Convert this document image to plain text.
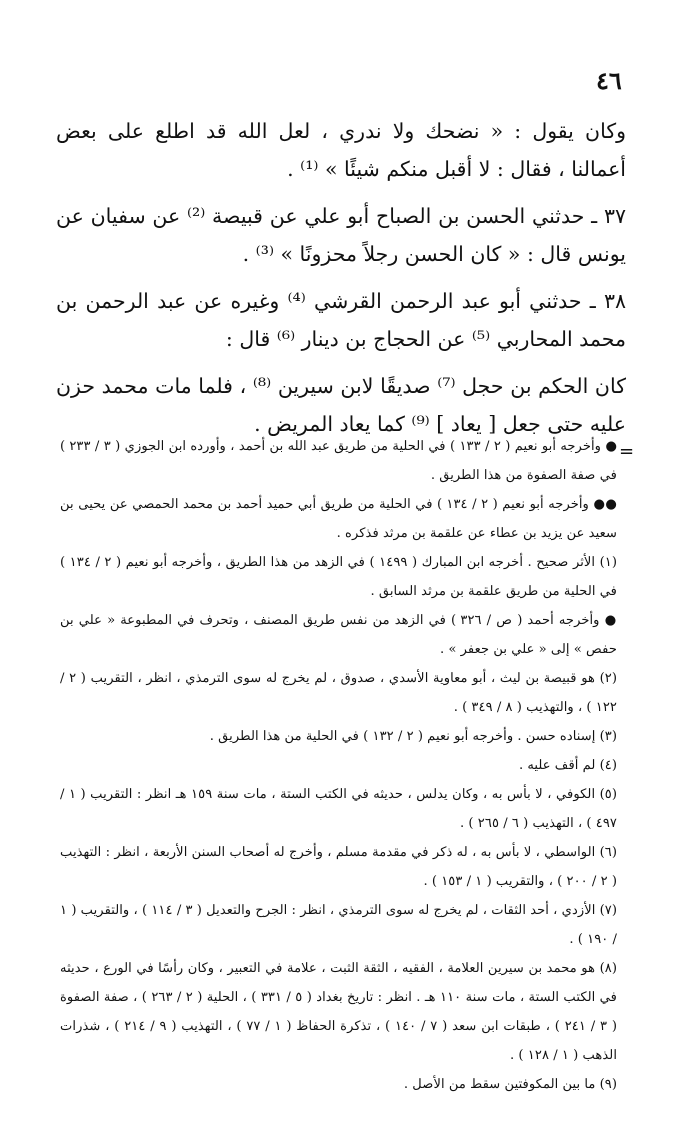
٤٦

وكان يقول : « نضحك ولا ندري ، لعل الله قد اطلع على بعض أعمالنا ، فقال : لا أقبل منكم شيئًا » ⁽¹⁾ .

٣٧ ـ حدثني الحسن بن الصباح أبو علي عن قبيصة ⁽²⁾ عن سفيان عن يونس قال : « كان الحسن رجلاً محزونًا » ⁽³⁾ .

٣٨ ـ حدثني أبو عبد الرحمن القرشي ⁽⁴⁾ وغيره عن عبد الرحمن بن محمد المحاربي ⁽⁵⁾ عن الحجاج بن دينار ⁽⁶⁾ قال :

كان الحكم بن حجل ⁽⁷⁾ صديقًا لابن سيرين ⁽⁸⁾ ، فلما مات محمد حزن عليه حتى جعل [ يعاد ] ⁽⁹⁾ كما يعاد المريض .

=

● وأخرجه أبو نعيم ( ٢ / ١٣٣ ) في الحلية من طريق عبد الله بن أحمد ، وأورده ابن الجوزي ( ٣ / ٢٣٣ ) في صفة الصفوة من هذا الطريق .

●● وأخرجه أبو نعيم ( ٢ / ١٣٤ ) في الحلية من طريق أبي حميد أحمد بن محمد الحمصي عن يحيى بن سعيد عن يزيد بن عطاء عن علقمة بن مرثد فذكره .

(١) الأثر صحيح . أخرجه ابن المبارك ( ١٤٩٩ ) في الزهد من هذا الطريق ، وأخرجه أبو نعيم ( ٢ / ١٣٤ ) في الحلية من طريق علقمة بن مرثد السابق .

● وأخرجه أحمد ( ص / ٣٢٦ ) في الزهد من نفس طريق المصنف ، وتحرف في المطبوعة « علي بن حفص » إلى « علي بن جعفر » .

(٢) هو قبيصة بن ليث ، أبو معاوية الأسدي ، صدوق ، لم يخرج له سوى الترمذي ، انظر ، التقريب ( ٢ / ١٢٢ ) ، والتهذيب ( ٨ / ٣٤٩ ) .

(٣) إسناده حسن . وأخرجه أبو نعيم ( ٢ / ١٣٢ ) في الحلية من هذا الطريق .

(٤) لم أقف عليه .

(٥) الكوفي ، لا بأس به ، وكان يدلس ، حديثه في الكتب الستة ، مات سنة ١٥٩ هـ انظر : التقريب ( ١ / ٤٩٧ ) ، التهذيب ( ٦ / ٢٦٥ ) .

(٦) الواسطي ، لا بأس به ، له ذكر في مقدمة مسلم ، وأخرج له أصحاب السنن الأربعة ، انظر : التهذيب ( ٢ / ٢٠٠ ) ، والتقريب ( ١ / ١٥٣ ) .

(٧) الأزدي ، أحد الثقات ، لم يخرج له سوى الترمذي ، انظر : الجرح والتعديل ( ٣ / ١١٤ ) ، والتقريب ( ١ / ١٩٠ ) .

(٨) هو محمد بن سيرين العلامة ، الفقيه ، الثقة الثبت ، علامة في التعبير ، وكان رأسًا في الورع ، حديثه في الكتب الستة ، مات سنة ١١٠ هـ . انظر : تاريخ بغداد ( ٥ / ٣٣١ ) ، الحلية ( ٢ / ٢٦٣ ) ، صفة الصفوة ( ٣ / ٢٤١ ) ، طبقات ابن سعد ( ٧ / ١٤٠ ) ، تذكرة الحفاظ ( ١ / ٧٧ ) ، التهذيب ( ٩ / ٢١٤ ) ، شذرات الذهب ( ١ / ١٢٨ ) .

(٩) ما بين المكوفتين سقط من الأصل .
